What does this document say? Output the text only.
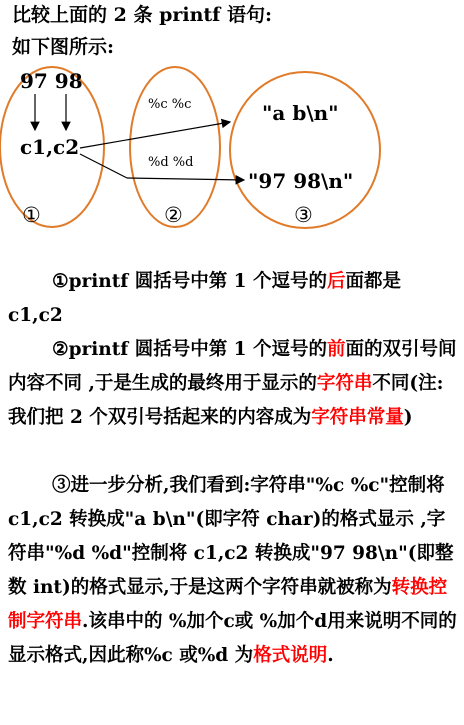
比较上面的 2 条 printf 语句:
如下图所示:
97 98
c1,c2
%c %c
%d %d
"a b\n"
"97 98\n"
①	②	③

①printf 圆括号中第 1 个逗号的后面都是 c1,c2

②printf 圆括号中第 1 个逗号的前面的双引号间内容不同 ,于是生成的最终用于显示的字符串不同(注:我们把 2 个双引号括起来的内容成为字符串常量)

③进一步分析,我们看到:字符串"%c %c"控制将 c1,c2 转换成"a b\n"(即字符 char)的格式显示 ,字符串"%d %d"控制将 c1,c2 转换成"97 98\n"(即整数 int)的格式显示,于是这两个字符串就被称为转换控制字符串.该串中的 %加个c或 %加个d用来说明不同的显示格式,因此称%c 或%d 为格式说明.
